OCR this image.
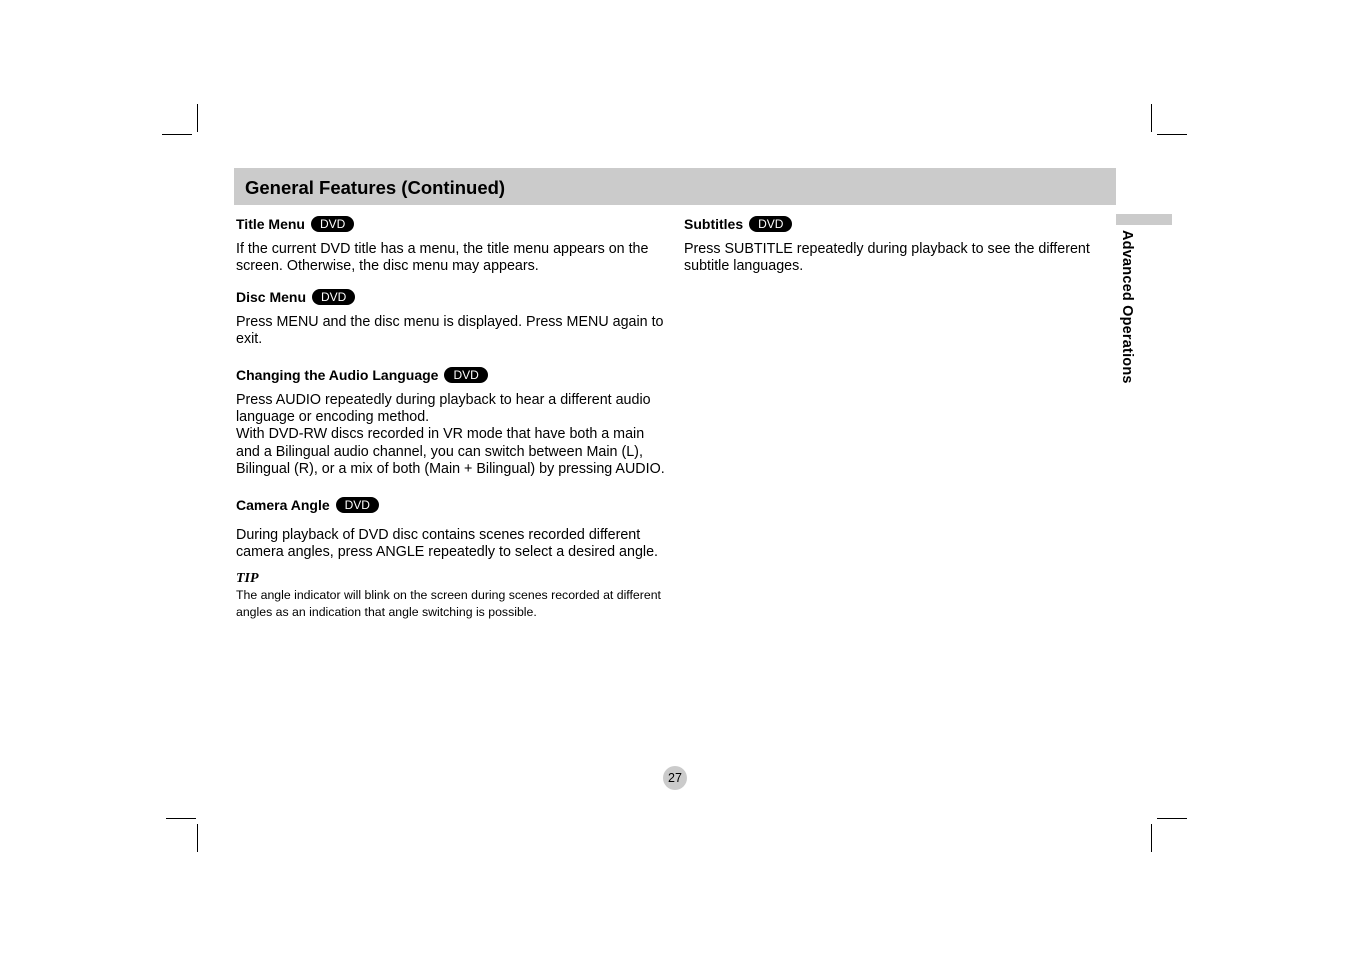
General Features (Continued)
Advanced Operations
Title Menu	DVD
If the current DVD title has a menu, the title menu appears on the screen. Otherwise, the disc menu may appears.
Disc Menu	DVD
Press MENU and the disc menu is displayed. Press MENU again to exit.
Changing the Audio Language	DVD
Press AUDIO repeatedly during playback to hear a different audio language or encoding method.
With DVD-RW discs recorded in VR mode that have both a main and a Bilingual audio channel, you can switch between Main (L), Bilingual (R), or a mix of both (Main + Bilingual) by pressing AUDIO.
Camera Angle	DVD
During playback of DVD disc contains scenes recorded different camera angles, press ANGLE repeatedly to select a desired angle.
TIP
The angle indicator will blink on the screen during scenes recorded at different angles as an indication that angle switching is possible.
Subtitles	DVD
Press SUBTITLE repeatedly during playback to see the different subtitle languages.
27
